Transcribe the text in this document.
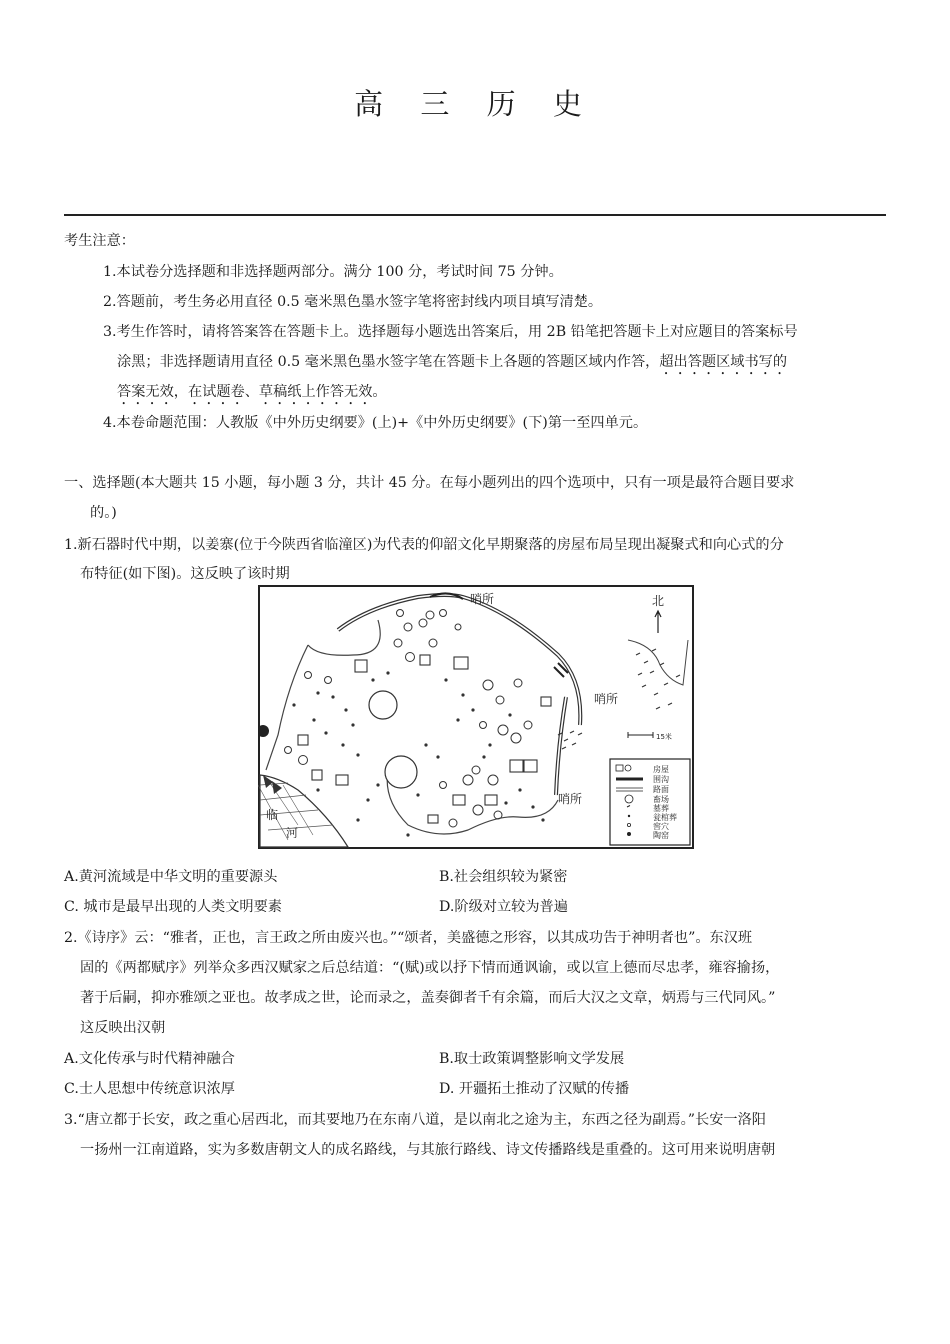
高 三 历 史
考生注意：
1.本试卷分选择题和非选择题两部分。满分 100 分，考试时间 75 分钟。
2.答题前，考生务必用直径 0.5 毫米黑色墨水签字笔将密封线内项目填写清楚。
3.考生作答时，请将答案答在答题卡上。选择题每小题选出答案后，用 2B 铅笔把答题卡上对应题目的答案标号
涂黑；非选择题请用直径 0.5 毫米黑色墨水签字笔在答题卡上各题的答题区域内作答，超出答题区域书写的
答案无效，在试题卷、草稿纸上作答无效。
4.本卷命题范围：人教版《中外历史纲要》(上)+《中外历史纲要》(下)第一至四单元。
一、选择题(本大题共 15 小题，每小题 3 分，共计 45 分。在每小题列出的四个选项中，只有一项是最符合题目要求
的。)
1.新石器时代中期，以姜寨(位于今陕西省临潼区)为代表的仰韶文化早期聚落的房屋布局呈现出凝聚式和向心式的分
布特征(如下图)。这反映了该时期
哨所
哨所
哨所
北
15米
临
河
房屋
围沟
路面
畜场
墓葬
瓮棺葬
窖穴
陶窑
A.黄河流域是中华文明的重要源头	B.社会组织较为紧密
C. 城市是最早出现的人类文明要素	D.阶级对立较为普遍
2.《诗序》云：“雅者，正也，言王政之所由废兴也。”“颂者，美盛德之形容，以其成功告于神明者也”。东汉班
固的《两都赋序》列举众多西汉赋家之后总结道：“(赋)或以抒下情而通讽谕，或以宣上德而尽忠孝，雍容揄扬，
著于后嗣，抑亦雅颂之亚也。故孝成之世，论而录之，盖奏御者千有余篇，而后大汉之文章，炳焉与三代同风。”
这反映出汉朝
A.文化传承与时代精神融合	B.取士政策调整影响文学发展
C.士人思想中传统意识浓厚	D. 开疆拓土推动了汉赋的传播
3.“唐立都于长安，政之重心居西北，而其要地乃在东南八道，是以南北之途为主，东西之径为副焉。”长安一洛阳
一扬州一江南道路，实为多数唐朝文人的成名路线，与其旅行路线、诗文传播路线是重叠的。这可用来说明唐朝
